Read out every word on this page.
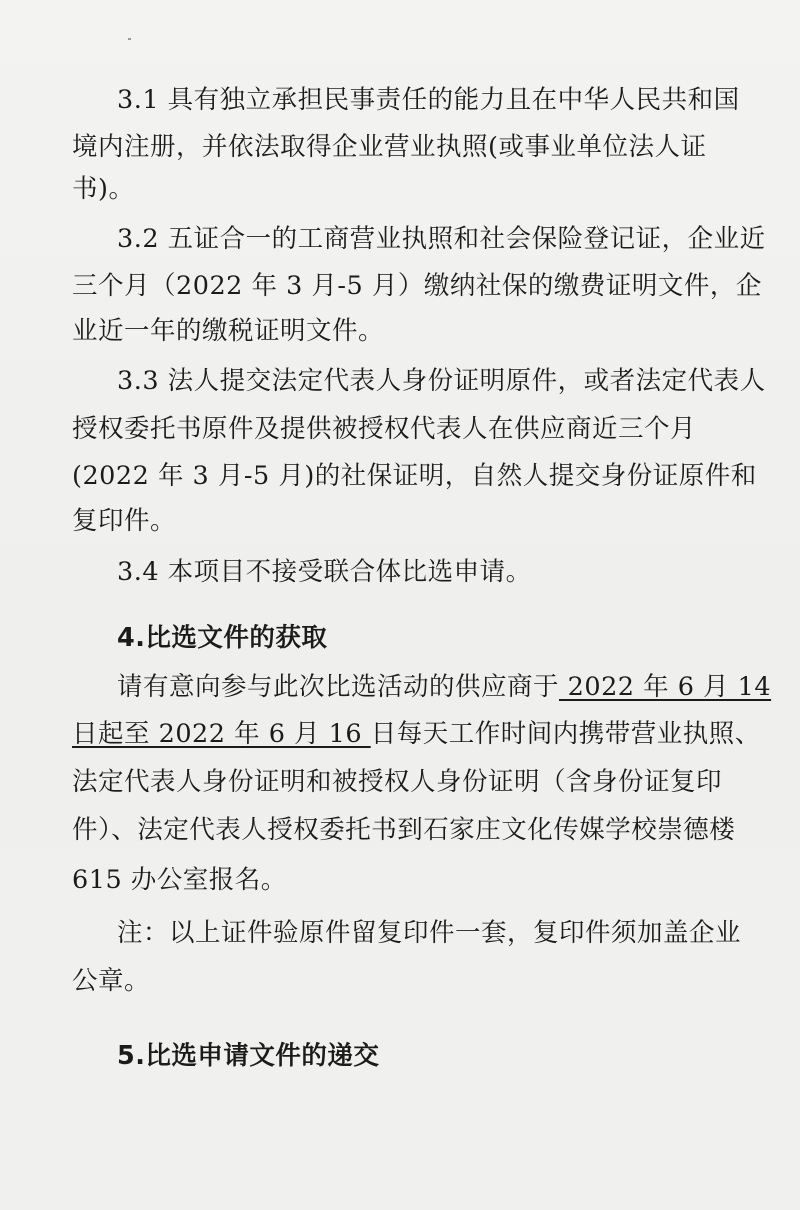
3.1 具有独立承担民事责任的能力且在中华人民共和国
境内注册，并依法取得企业营业执照(或事业单位法人证
书)。
3.2 五证合一的工商营业执照和社会保险登记证，企业近
三个月（2022 年 3 月-5 月）缴纳社保的缴费证明文件，企
业近一年的缴税证明文件。
3.3 法人提交法定代表人身份证明原件，或者法定代表人
授权委托书原件及提供被授权代表人在供应商近三个月
(2022 年 3 月-5 月)的社保证明，自然人提交身份证原件和
复印件。
3.4 本项目不接受联合体比选申请。
4.比选文件的获取
请有意向参与此次比选活动的供应商于 2022 年 6 月 14
日起至 2022 年 6 月 16 日每天工作时间内携带营业执照、
法定代表人身份证明和被授权人身份证明（含身份证复印
件）、法定代表人授权委托书到石家庄文化传媒学校崇德楼
615 办公室报名。
注：以上证件验原件留复印件一套，复印件须加盖企业
公章。
5.比选申请文件的递交
